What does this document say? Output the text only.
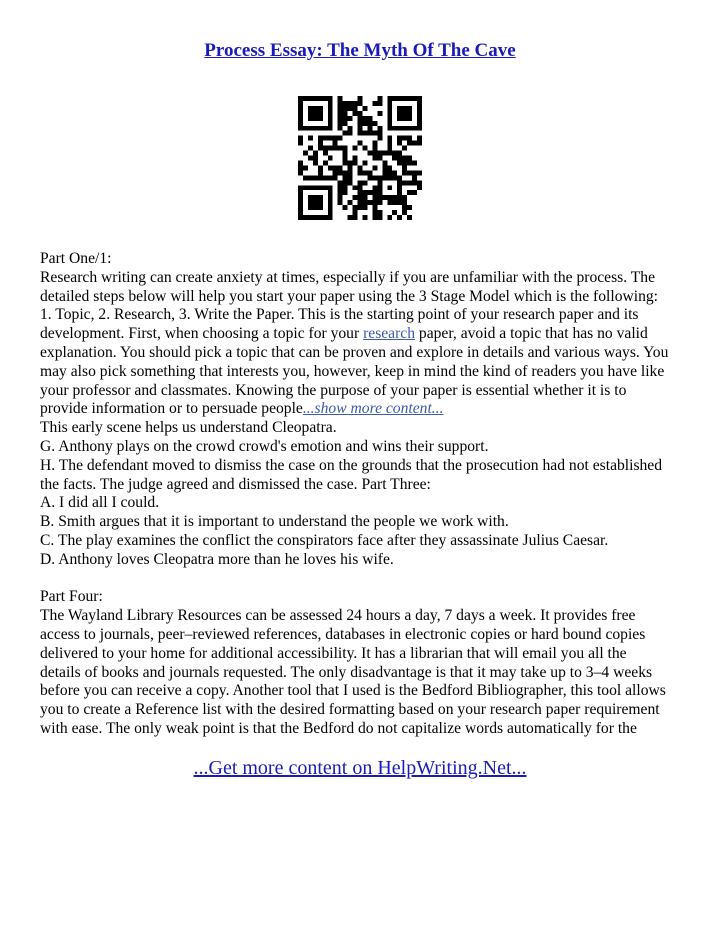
Process Essay: The Myth Of The Cave
Part One/1:
Research writing can create anxiety at times, especially if you are unfamiliar with the process. The
detailed steps below will help you start your paper using the 3 Stage Model which is the following:
1. Topic, 2. Research, 3. Write the Paper. This is the starting point of your research paper and its
development. First, when choosing a topic for your research paper, avoid a topic that has no valid
explanation. You should pick a topic that can be proven and explore in details and various ways. You
may also pick something that interests you, however, keep in mind the kind of readers you have like
your professor and classmates. Knowing the purpose of your paper is essential whether it is to
provide information or to persuade people...show more content...
This early scene helps us understand Cleopatra.
G. Anthony plays on the crowd crowd's emotion and wins their support.
H. The defendant moved to dismiss the case on the grounds that the prosecution had not established
the facts. The judge agreed and dismissed the case. Part Three:
A. I did all I could.
B. Smith argues that it is important to understand the people we work with.
C. The play examines the conflict the conspirators face after they assassinate Julius Caesar.
D. Anthony loves Cleopatra more than he loves his wife.
Part Four:
The Wayland Library Resources can be assessed 24 hours a day, 7 days a week. It provides free
access to journals, peer–reviewed references, databases in electronic copies or hard bound copies
delivered to your home for additional accessibility. It has a librarian that will email you all the
details of books and journals requested. The only disadvantage is that it may take up to 3–4 weeks
before you can receive a copy. Another tool that I used is the Bedford Bibliographer, this tool allows
you to create a Reference list with the desired formatting based on your research paper requirement
with ease. The only weak point is that the Bedford do not capitalize words automatically for the
...Get more content on HelpWriting.Net...
